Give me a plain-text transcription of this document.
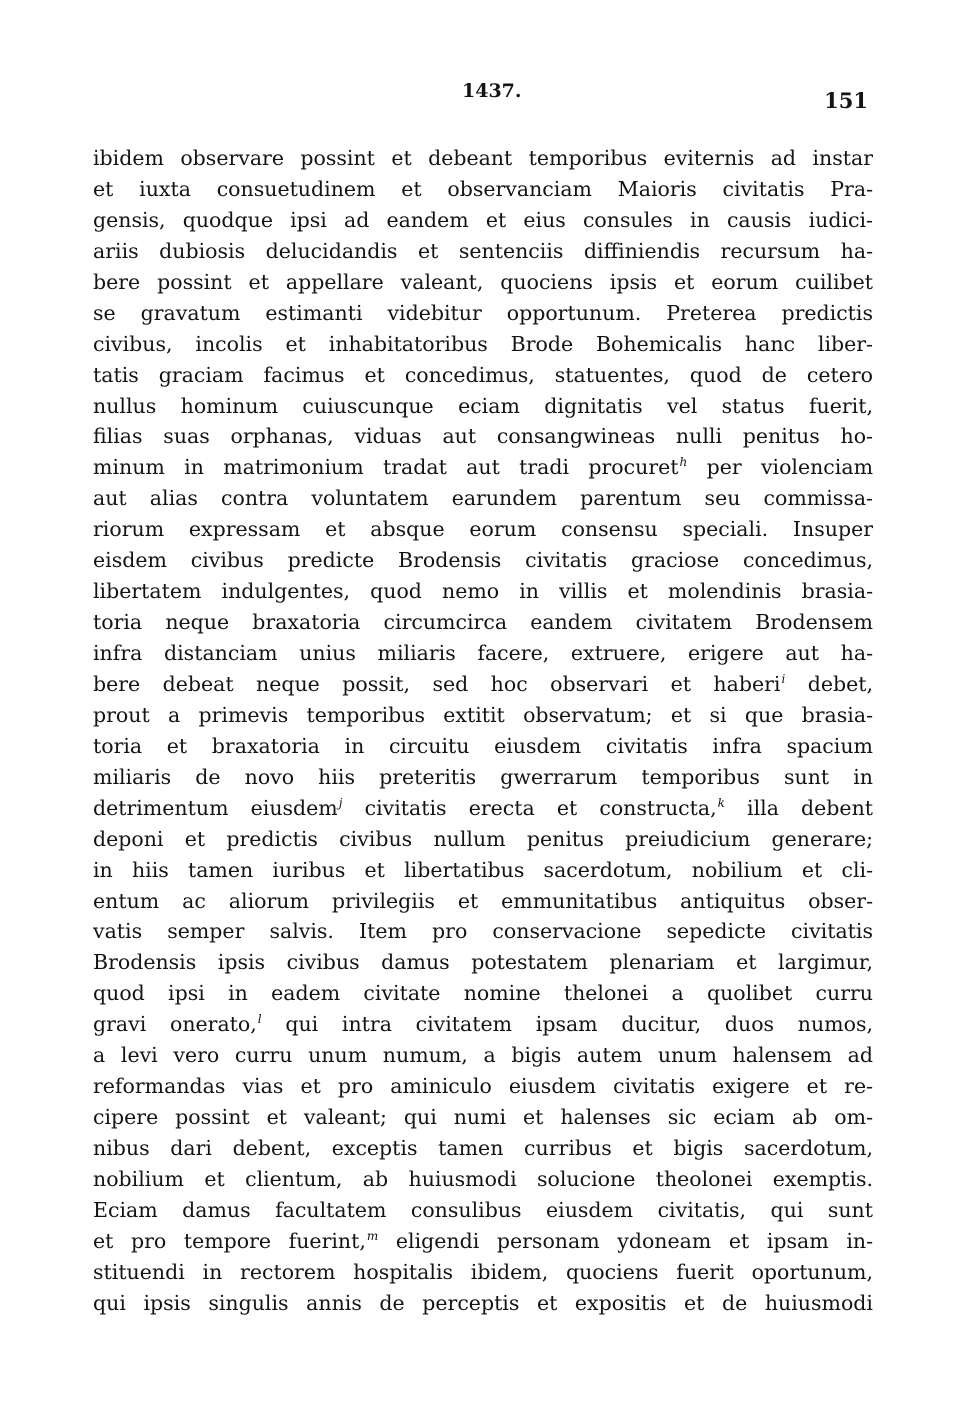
1437.	151
ibidem observare possint et debeant temporibus eviternis ad instar
et iuxta consuetudinem et observanciam Maioris civitatis Pra-
gensis, quodque ipsi ad eandem et eius consules in causis iudici-
ariis dubiosis delucidandis et sentenciis diffiniendis recursum ha-
bere possint et appellare valeant, quociens ipsis et eorum cuilibet
se gravatum estimanti videbitur opportunum. Preterea predictis
civibus, incolis et inhabitatoribus Brode Bohemicalis hanc liber-
tatis graciam facimus et concedimus, statuentes, quod de cetero
nullus hominum cuiuscunque eciam dignitatis vel status fuerit,
filias suas orphanas, viduas aut consangwineas nulli penitus ho-
minum in matrimonium tradat aut tradi procuret$^h$ per violenciam
aut alias contra voluntatem earundem parentum seu commissa-
riorum expressam et absque eorum consensu speciali. Insuper
eisdem civibus predicte Brodensis civitatis graciose concedimus,
libertatem indulgentes, quod nemo in villis et molendinis brasia-
toria neque braxatoria circumcirca eandem civitatem Brodensem
infra distanciam unius miliaris facere, extruere, erigere aut ha-
bere debeat neque possit, sed hoc observari et haberi$^i$ debet,
prout a primevis temporibus extitit observatum; et si que brasia-
toria et braxatoria in circuitu eiusdem civitatis infra spacium
miliaris de novo hiis preteritis gwerrarum temporibus sunt in
detrimentum eiusdem$^j$ civitatis erecta et constructa,$^k$ illa debent
deponi et predictis civibus nullum penitus preiudicium generare;
in hiis tamen iuribus et libertatibus sacerdotum, nobilium et cli-
entum ac aliorum privilegiis et emmunitatibus antiquitus obser-
vatis semper salvis. Item pro conservacione sepedicte civitatis
Brodensis ipsis civibus damus potestatem plenariam et largimur,
quod ipsi in eadem civitate nomine thelonei a quolibet curru
gravi onerato,$^l$ qui intra civitatem ipsam ducitur, duos numos,
a levi vero curru unum numum, a bigis autem unum halensem ad
reformandas vias et pro aminiculo eiusdem civitatis exigere et re-
cipere possint et valeant; qui numi et halenses sic eciam ab om-
nibus dari debent, exceptis tamen curribus et bigis sacerdotum,
nobilium et clientum, ab huiusmodi solucione theolonei exemptis.
Eciam damus facultatem consulibus eiusdem civitatis, qui sunt
et pro tempore fuerint,$^m$ eligendi personam ydoneam et ipsam in-
stituendi in rectorem hospitalis ibidem, quociens fuerit oportunum,
qui ipsis singulis annis de perceptis et expositis et de huiusmodi
